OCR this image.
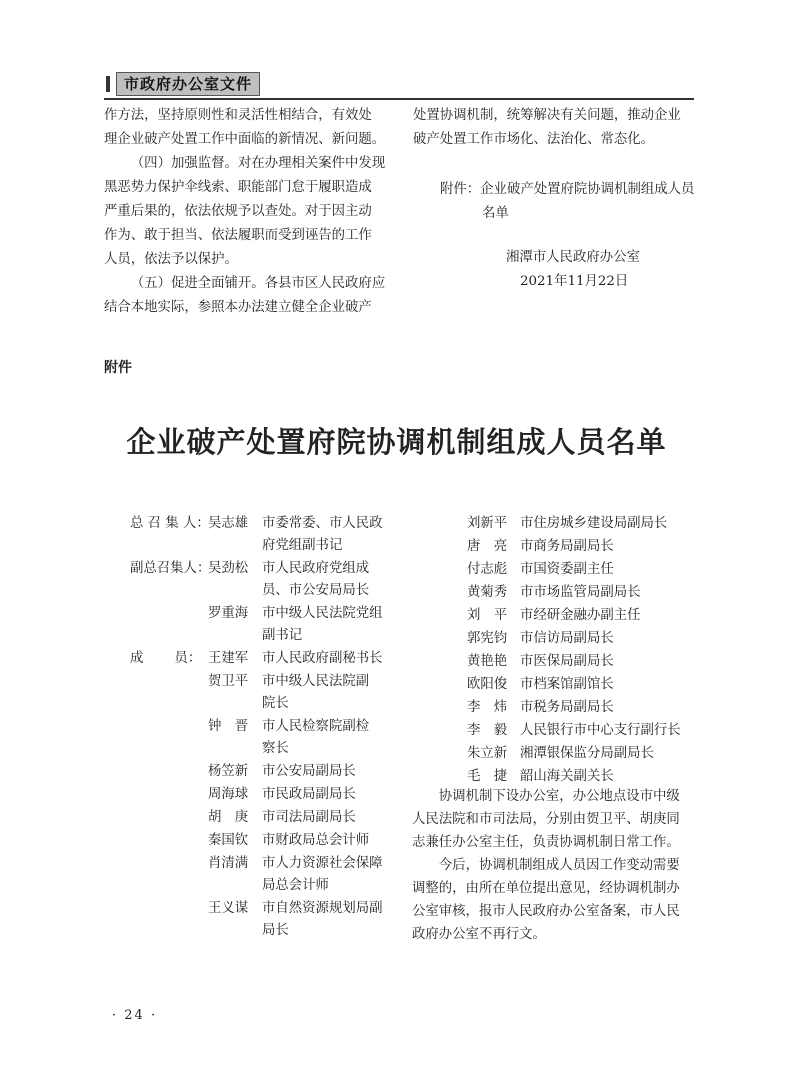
市政府办公室文件

作方法，坚持原则性和灵活性相结合，有效处

理企业破产处置工作中面临的新情况、新问题。

（四）加强监督。对在办理相关案件中发现

黑恶势力保护伞线索、职能部门怠于履职造成

严重后果的，依法依规予以查处。对于因主动

作为、敢于担当、依法履职而受到诬告的工作

人员，依法予以保护。

（五）促进全面铺开。各县市区人民政府应

结合本地实际，参照本办法建立健全企业破产

处置协调机制，统筹解决有关问题，推动企业

破产处置工作市场化、法治化、常态化。

附件：企业破产处置府院协调机制组成人员

名单

湘潭市人民政府办公室
2021年11月22日
附件
企业破产处置府院协调机制组成人员名单
总 召 集 人：
吴志雄 市委常委、市人民政
府党组副书记
副总召集人：
吴劲松 市人民政府党组成
员、市公安局局长
罗重海 市中级人民法院党组
副书记
成　　 员： 王建军 市人民政府副秘书长
贺卫平 市中级人民法院副
院长
钟　晋 市人民检察院副检
察长
杨笠新 市公安局副局长
周海球 市民政局副局长
胡　庚 市司法局副局长
秦国钦 市财政局总会计师
肖清满 市人力资源社会保障
局总会计师
王义谋 市自然资源规划局副
局长
刘新平 市住房城乡建设局副局长
唐　亮 市商务局副局长
付志彪 市国资委副主任
黄菊秀 市市场监管局副局长
刘　平 市经研金融办副主任
郭宪钧 市信访局副局长
黄艳艳 市医保局副局长
欧阳俊 市档案馆副馆长
李　炜 市税务局副局长
李　毅 人民银行市中心支行副行长
朱立新 湘潭银保监分局副局长
毛　捷 韶山海关副关长

协调机制下设办公室，办公地点设市中级

人民法院和市司法局，分别由贺卫平、胡庚同

志兼任办公室主任，负责协调机制日常工作。

今后，协调机制组成人员因工作变动需要

调整的，由所在单位提出意见，经协调机制办

公室审核，报市人民政府办公室备案，市人民

政府办公室不再行文。

· 24 ·
